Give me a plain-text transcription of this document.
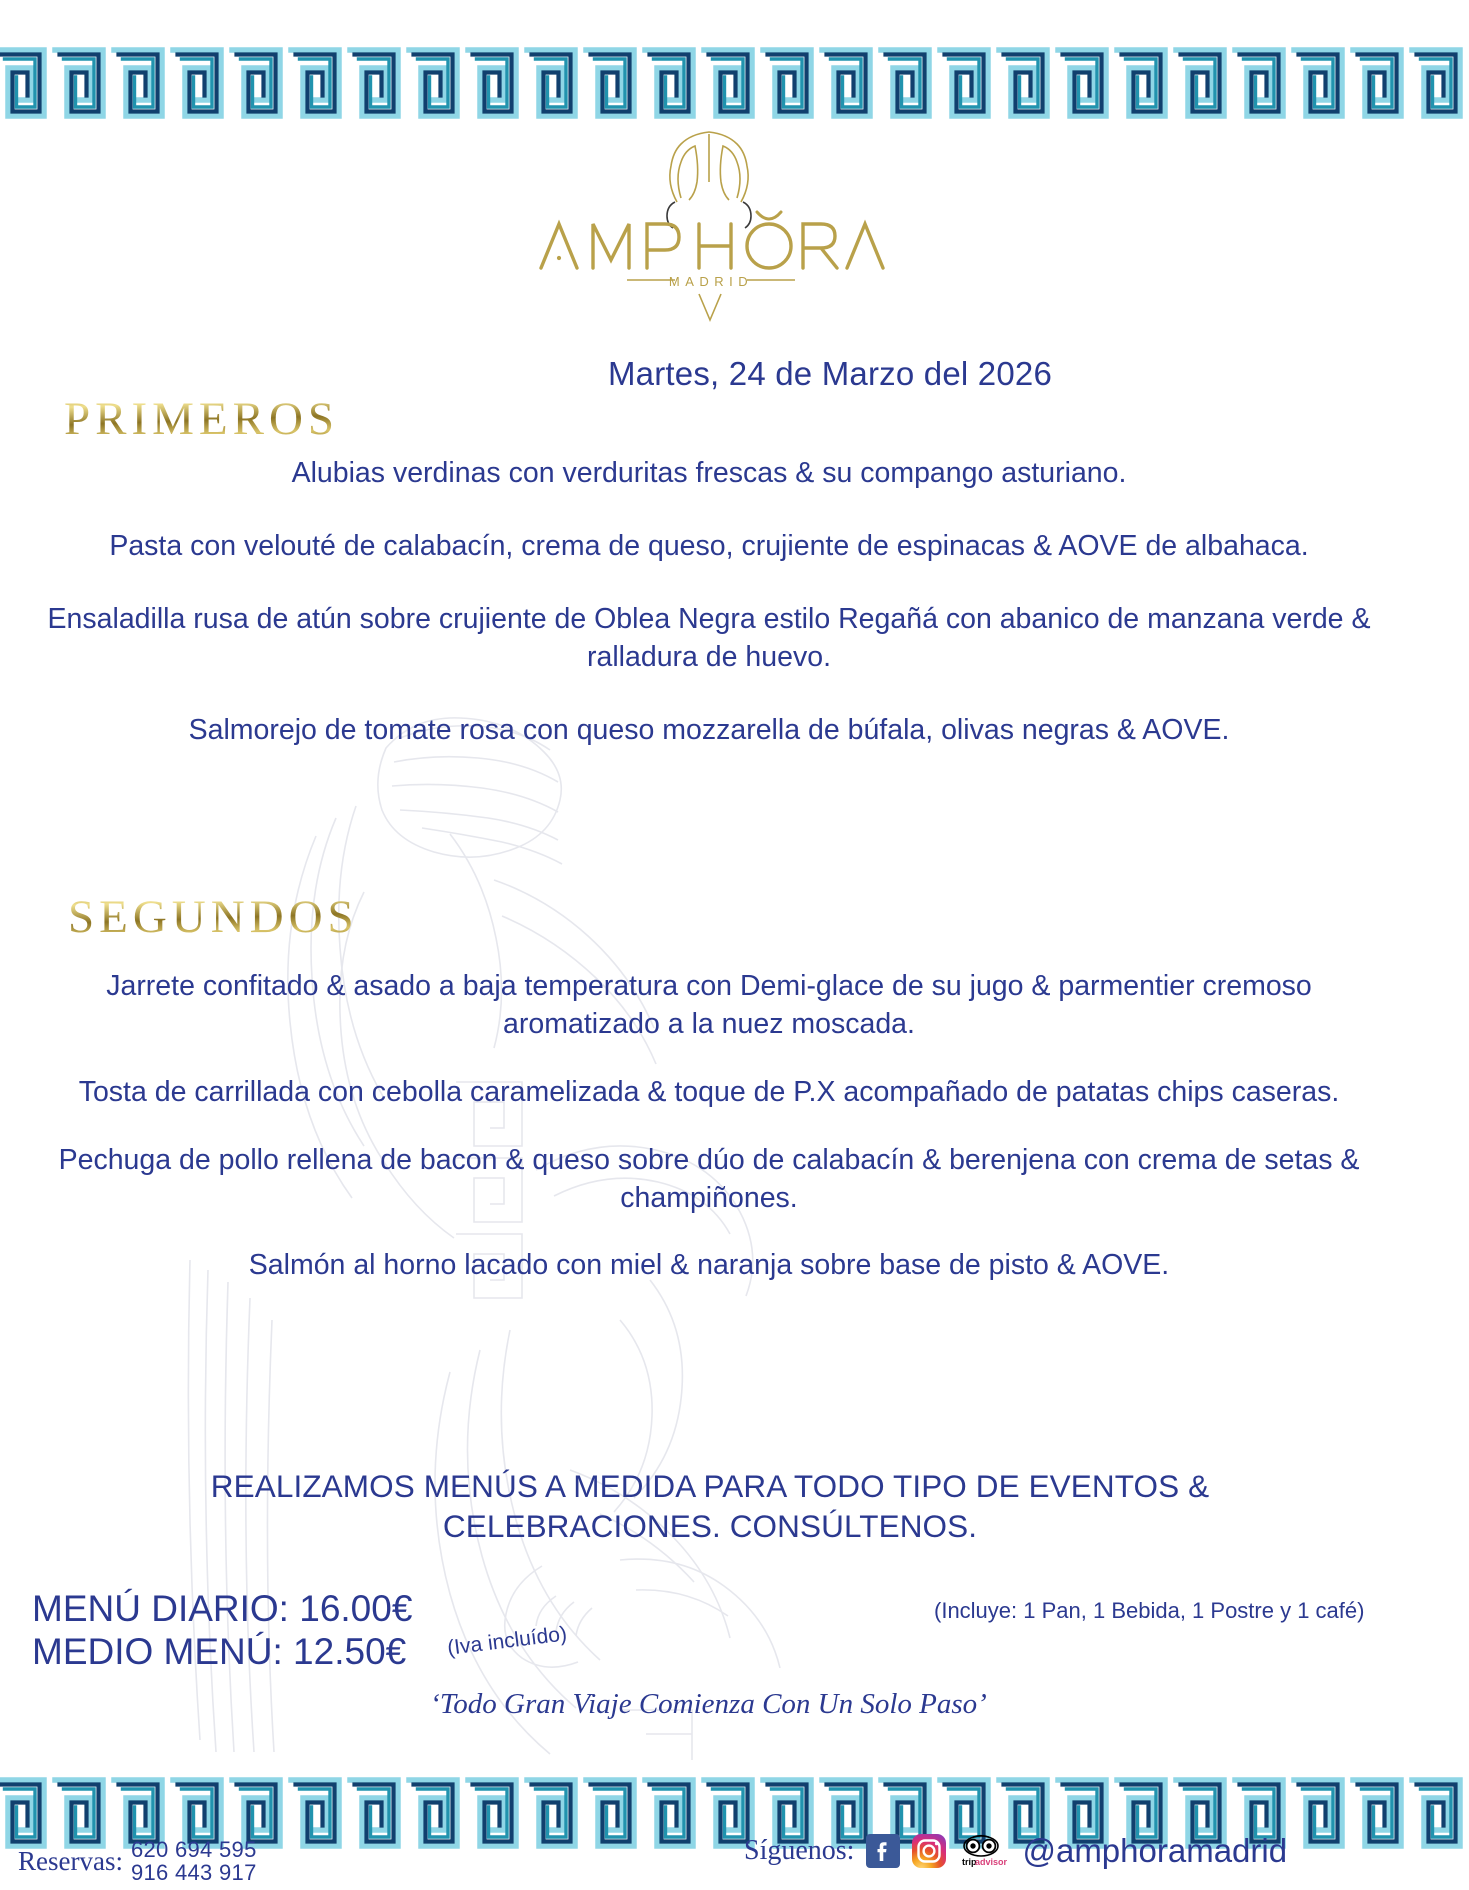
MADRID
Martes, 24 de Marzo del 2026
PRIMEROS

Alubias verdinas con verduritas frescas & su compango asturiano.

Pasta con velouté de calabacín, crema de queso, crujiente de espinacas & AOVE de albahaca.

Ensaladilla rusa de atún sobre crujiente de Oblea Negra estilo Regañá con abanico de manzana verde & ralladura de huevo.

Salmorejo de tomate rosa con queso mozzarella de búfala, olivas negras & AOVE.

SEGUNDOS

Jarrete confitado & asado a baja temperatura con Demi-glace de su jugo & parmentier cremoso aromatizado a la nuez moscada.

Tosta de carrillada con cebolla caramelizada & toque de P.X acompañado de patatas chips caseras.

Pechuga de pollo rellena de bacon & queso sobre dúo de calabacín & berenjena con crema de setas & champiñones.

Salmón al horno lacado con miel & naranja sobre base de pisto & AOVE.

REALIZAMOS MENÚS A MEDIDA PARA TODO TIPO DE EVENTOS & CELEBRACIONES. CONSÚLTENOS.
MENÚ DIARIO: 16.00€
MEDIO MENÚ: 12.50€	(Iva incluído)
(Incluye: 1 Pan, 1 Bebida, 1 Postre y 1 café)
‘Todo Gran Viaje Comienza Con Un Solo Paso’
Reservas: 620 694 595
916 443 917
Síguenos:	trip
advisor @amphoramadrid
